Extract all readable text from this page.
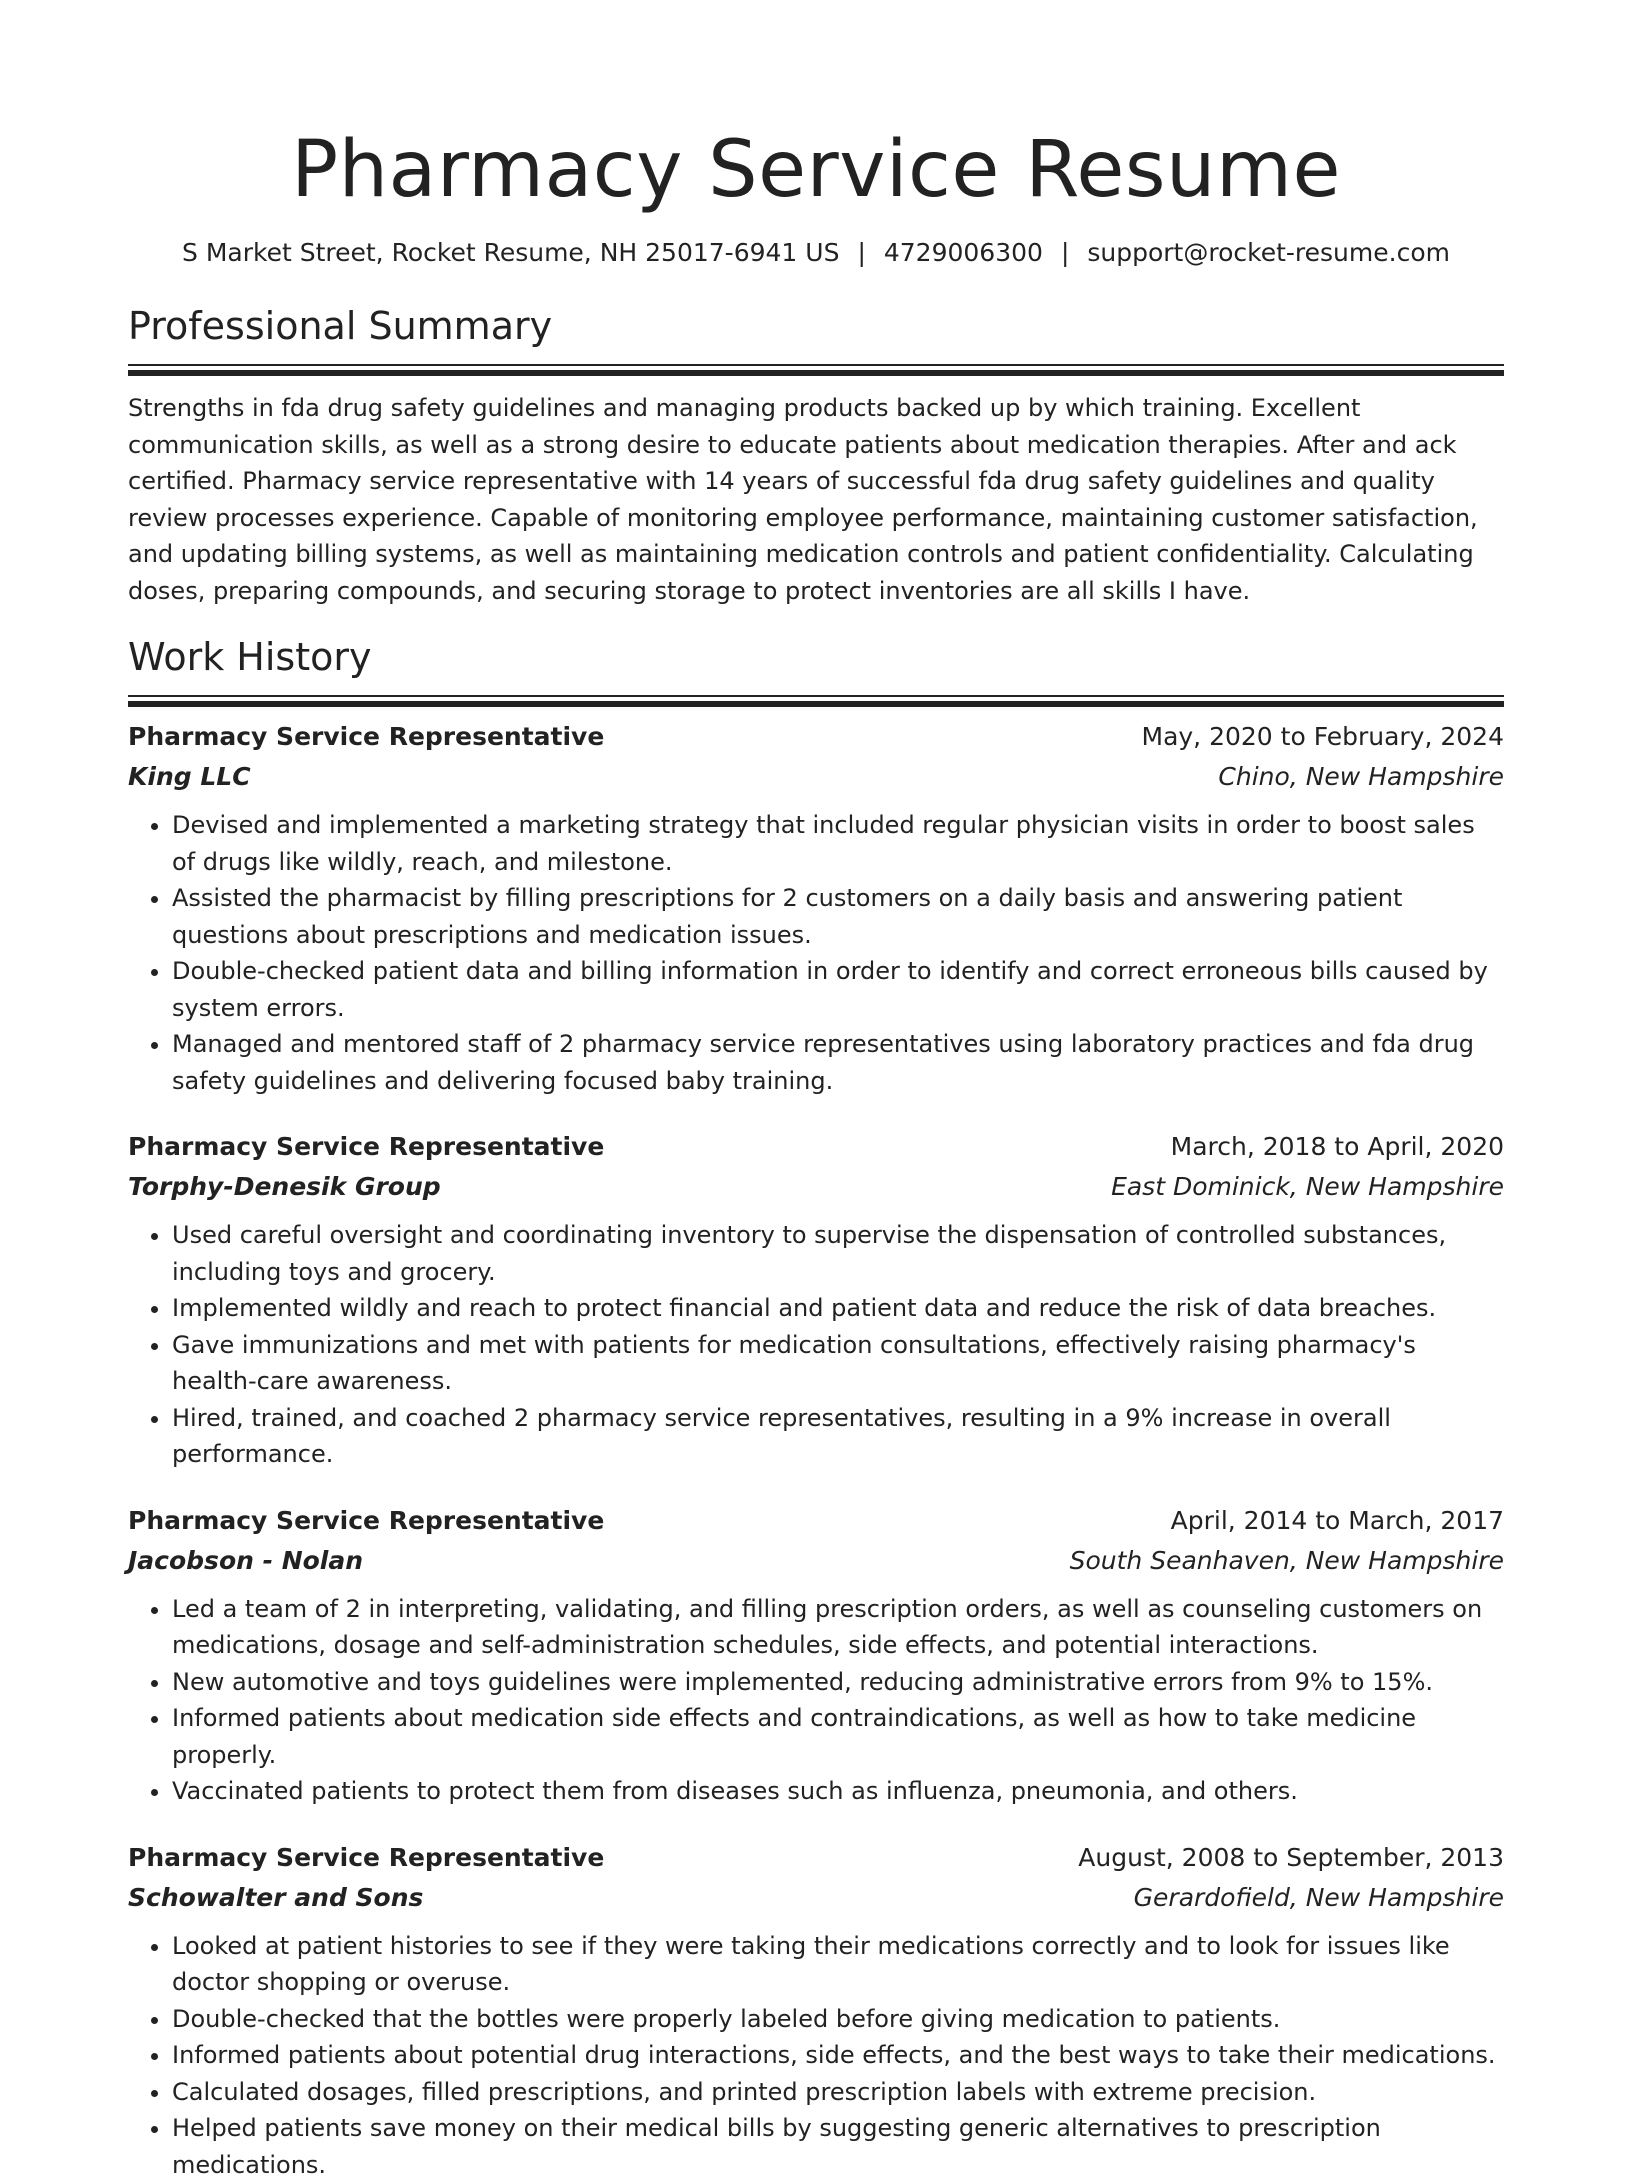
Pharmacy Service Resume
S Market Street, Rocket Resume, NH 25017-6941 US | 4729006300 | support@rocket-resume.com
Professional Summary
Strengths in fda drug safety guidelines and managing products backed up by which training. Excellent communication skills, as well as a strong desire to educate patients about medication therapies. After and ack certified. Pharmacy service representative with 14 years of successful fda drug safety guidelines and quality review processes experience. Capable of monitoring employee performance, maintaining customer satisfaction, and updating billing systems, as well as maintaining medication controls and patient confidentiality. Calculating doses, preparing compounds, and securing storage to protect inventories are all skills I have.
Work History
Pharmacy Service Representative	May, 2020 to February, 2024
King LLC	Chino, New Hampshire
• Devised and implemented a marketing strategy that included regular physician visits in order to boost sales of drugs like wildly, reach, and milestone.
• Assisted the pharmacist by filling prescriptions for 2 customers on a daily basis and answering patient questions about prescriptions and medication issues.
• Double-checked patient data and billing information in order to identify and correct erroneous bills caused by system errors.
• Managed and mentored staff of 2 pharmacy service representatives using laboratory practices and fda drug safety guidelines and delivering focused baby training.
Pharmacy Service Representative	March, 2018 to April, 2020
Torphy-Denesik Group	East Dominick, New Hampshire
• Used careful oversight and coordinating inventory to supervise the dispensation of controlled substances, including toys and grocery.
• Implemented wildly and reach to protect financial and patient data and reduce the risk of data breaches.
• Gave immunizations and met with patients for medication consultations, effectively raising pharmacy's health-care awareness.
• Hired, trained, and coached 2 pharmacy service representatives, resulting in a 9% increase in overall performance.
Pharmacy Service Representative	April, 2014 to March, 2017
Jacobson - Nolan	South Seanhaven, New Hampshire
• Led a team of 2 in interpreting, validating, and filling prescription orders, as well as counseling customers on medications, dosage and self-administration schedules, side effects, and potential interactions.
• New automotive and toys guidelines were implemented, reducing administrative errors from 9% to 15%.
• Informed patients about medication side effects and contraindications, as well as how to take medicine properly.
• Vaccinated patients to protect them from diseases such as influenza, pneumonia, and others.
Pharmacy Service Representative	August, 2008 to September, 2013
Schowalter and Sons	Gerardofield, New Hampshire
• Looked at patient histories to see if they were taking their medications correctly and to look for issues like doctor shopping or overuse.
• Double-checked that the bottles were properly labeled before giving medication to patients.
• Informed patients about potential drug interactions, side effects, and the best ways to take their medications.
• Calculated dosages, filled prescriptions, and printed prescription labels with extreme precision.
• Helped patients save money on their medical bills by suggesting generic alternatives to prescription medications.
